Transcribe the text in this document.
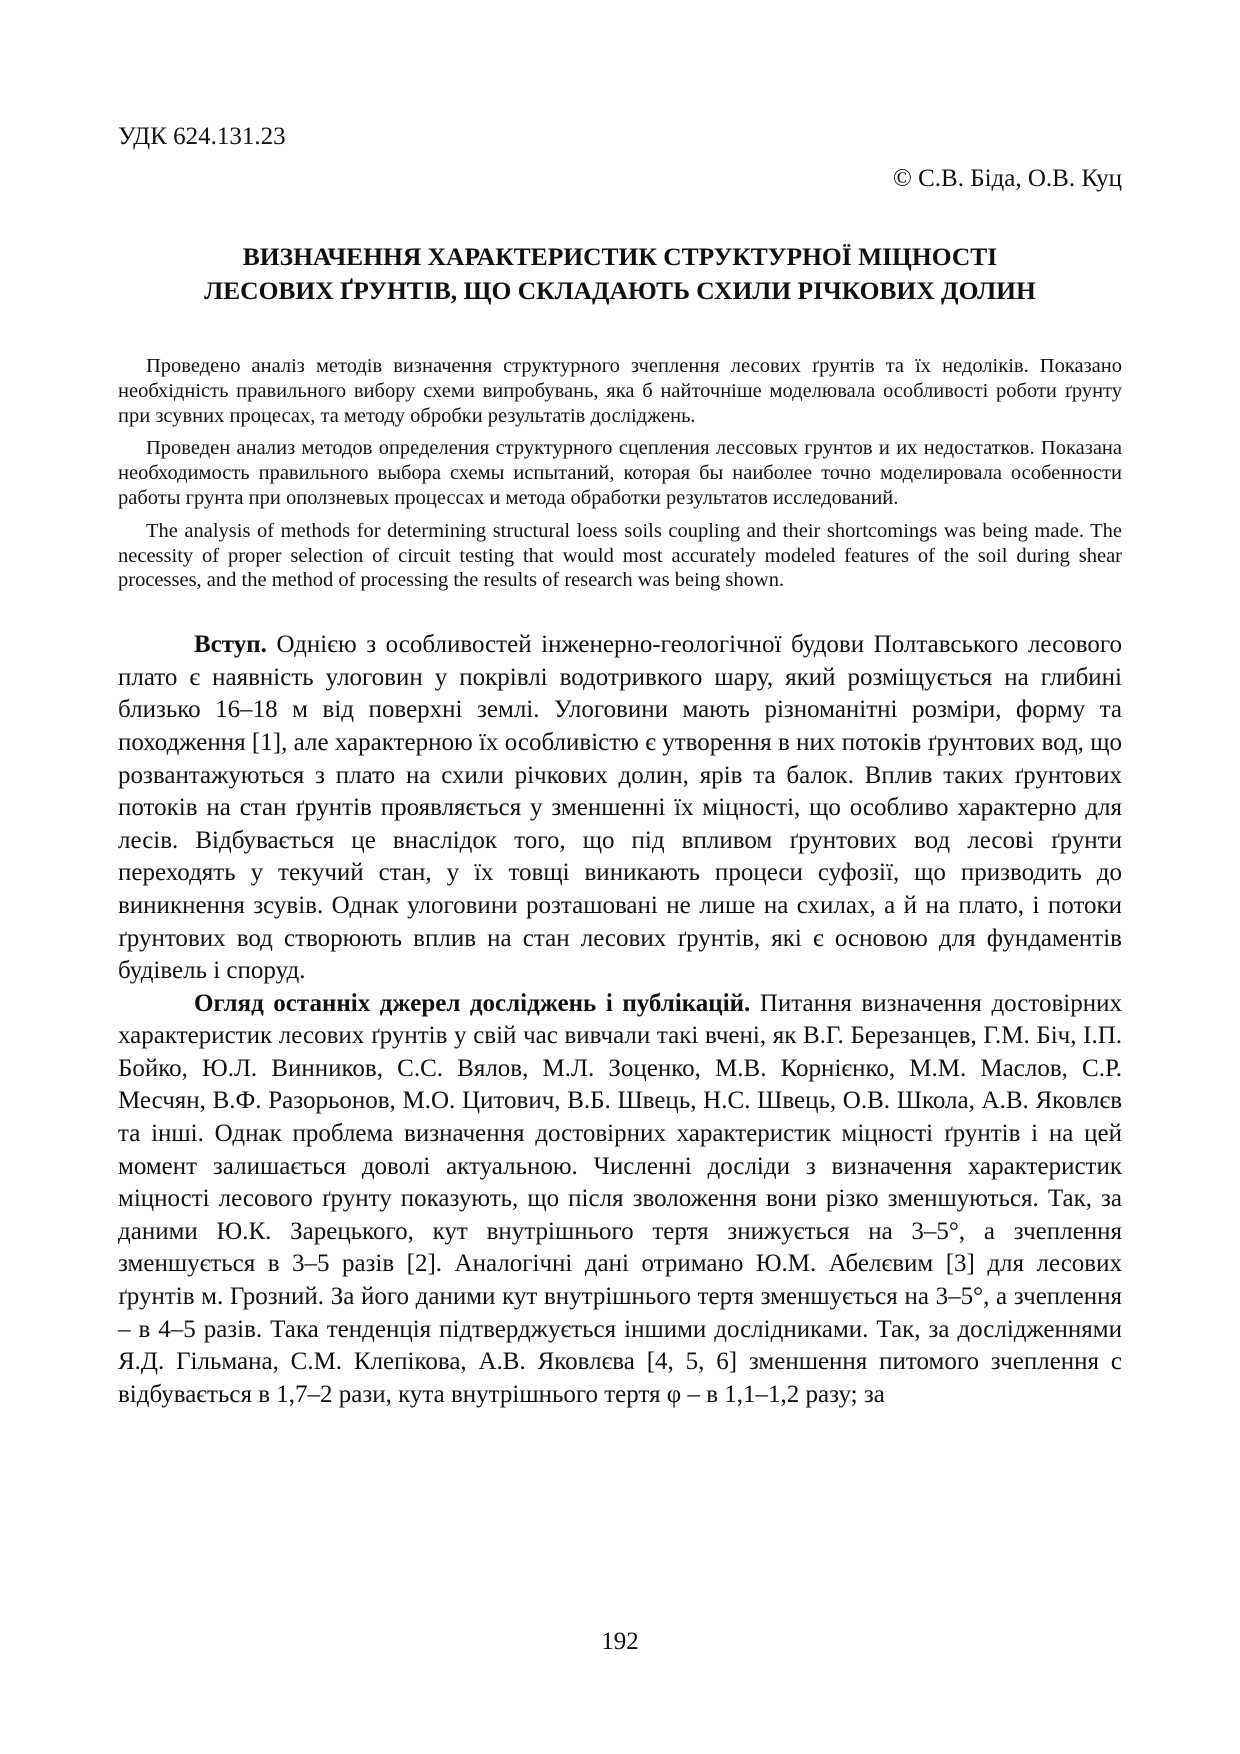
УДК 624.131.23

© С.В. Біда, О.В. Куц

ВИЗНАЧЕННЯ ХАРАКТЕРИСТИК СТРУКТУРНОЇ МІЦНОСТІ
ЛЕСОВИХ ҐРУНТІВ, ЩО СКЛАДАЮТЬ СХИЛИ РІЧКОВИХ ДОЛИН

Проведено аналіз методів визначення структурного зчеплення лесових ґрунтів та їх недоліків. Показано необхідність правильного вибору схеми випробувань, яка б найточніше моделювала особливості роботи ґрунту при зсувних процесах, та методу обробки результатів досліджень.

Проведен анализ методов определения структурного сцепления лессовых грунтов и их недостатков. Показана необходимость правильного выбора схемы испытаний, которая бы наиболее точно моделировала особенности работы грунта при оползневых процессах и метода обработки результатов исследований.

The analysis of methods for determining structural loess soils coupling and their shortcomings was being made. The necessity of proper selection of circuit testing that would most accurately modeled features of the soil during shear processes, and the method of processing the results of research was being shown.

Вступ. Однією з особливостей інженерно-геологічної будови Полтавського лесового плато є наявність улоговин у покрівлі водотривкого шару, який розміщується на глибині близько 16–18 м від поверхні землі. Улоговини мають різноманітні розміри, форму та походження [1], але характерною їх особливістю є утворення в них потоків ґрунтових вод, що розвантажуються з плато на схили річкових долин, ярів та балок. Вплив таких ґрунтових потоків на стан ґрунтів проявляється у зменшенні їх міцності, що особливо характерно для лесів. Відбувається це внаслідок того, що під впливом ґрунтових вод лесові ґрунти переходять у текучий стан, у їх товщі виникають процеси суфозії, що призводить до виникнення зсувів. Однак улоговини розташовані не лише на схилах, а й на плато, і потоки ґрунтових вод створюють вплив на стан лесових ґрунтів, які є основою для фундаментів будівель і споруд.

Огляд останніх джерел досліджень і публікацій. Питання визначення достовірних характеристик лесових ґрунтів у свій час вивчали такі вчені, як В.Г. Березанцев, Г.М. Біч, І.П. Бойко, Ю.Л. Винников, С.С. Вялов, М.Л. Зоценко, М.В. Корнієнко, М.М. Маслов, С.Р. Месчян, В.Ф. Разорьонов, М.О. Цитович, В.Б. Швець, Н.С. Швець, О.В. Школа, А.В. Яковлєв та інші. Однак проблема визначення достовірних характеристик міцності ґрунтів і на цей момент залишається доволі актуальною. Численні досліди з визначення характеристик міцності лесового ґрунту показують, що після зволоження вони різко зменшуються. Так, за даними Ю.К. Зарецького, кут внутрішнього тертя знижується на 3–5°, а зчеплення зменшується в 3–5 разів [2]. Аналогічні дані отримано Ю.М. Абелєвим [3] для лесових ґрунтів м. Грозний. За його даними кут внутрішнього тертя зменшується на 3–5°, а зчеплення – в 4–5 разів. Така тенденція підтверджується іншими дослідниками. Так, за дослідженнями Я.Д. Гільмана, С.М. Клепікова, А.В. Яковлєва [4, 5, 6] зменшення питомого зчеплення c відбувається в 1,7–2 рази, кута внутрішнього тертя φ – в 1,1–1,2 разу; за

192
